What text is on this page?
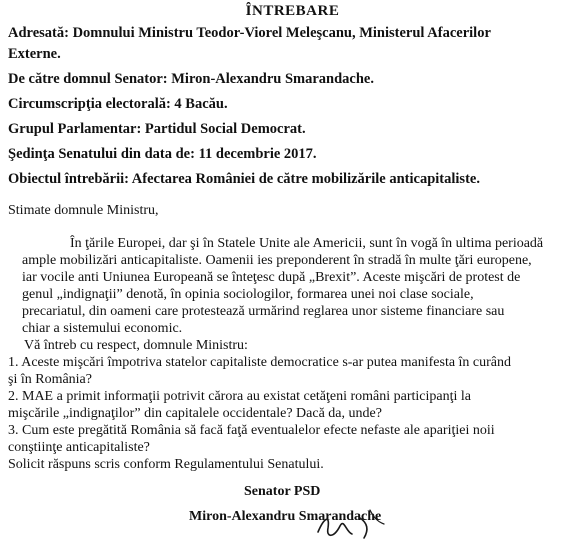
ÎNTREBARE
Adresată: Domnului Ministru Teodor-Viorel Meleşcanu, Ministerul Afacerilor
Externe.
De către domnul Senator: Miron-Alexandru Smarandache.
Circumscripţia electorală: 4 Bacău.
Grupul Parlamentar: Partidul Social Democrat.
Şedinţa Senatului din data de: 11 decembrie 2017.
Obiectul întrebării: Afectarea României de către mobilizările anticapitaliste.
Stimate domnule Ministru,
În ţările Europei, dar şi în Statele Unite ale Americii, sunt în vogă în ultima perioadă
ample mobilizări anticapitaliste. Oamenii ies preponderent în stradă în multe ţări europene,
iar vocile anti Uniunea Europeană se înteţesc după „Brexit”. Aceste mişcări de protest de
genul „indignaţii” denotă, în opinia sociologilor, formarea unei noi clase sociale,
precariatul, din oameni care protestează urmărind reglarea unor sisteme financiare sau
chiar a sistemului economic.
Vă întreb cu respect, domnule Ministru:
1. Aceste mişcări împotriva statelor capitaliste democratice s-ar putea manifesta în curând
şi în România?
2. MAE a primit informaţii potrivit cărora au existat cetăţeni români participanţi la
mişcările „indignaţilor” din capitalele occidentale? Dacă da, unde?
3. Cum este pregătită România să facă faţă eventualelor efecte nefaste ale apariţiei noii
conştiinţe anticapitaliste?
Solicit răspuns scris conform Regulamentului Senatului.
Senator PSD
Miron-Alexandru Smarandache
